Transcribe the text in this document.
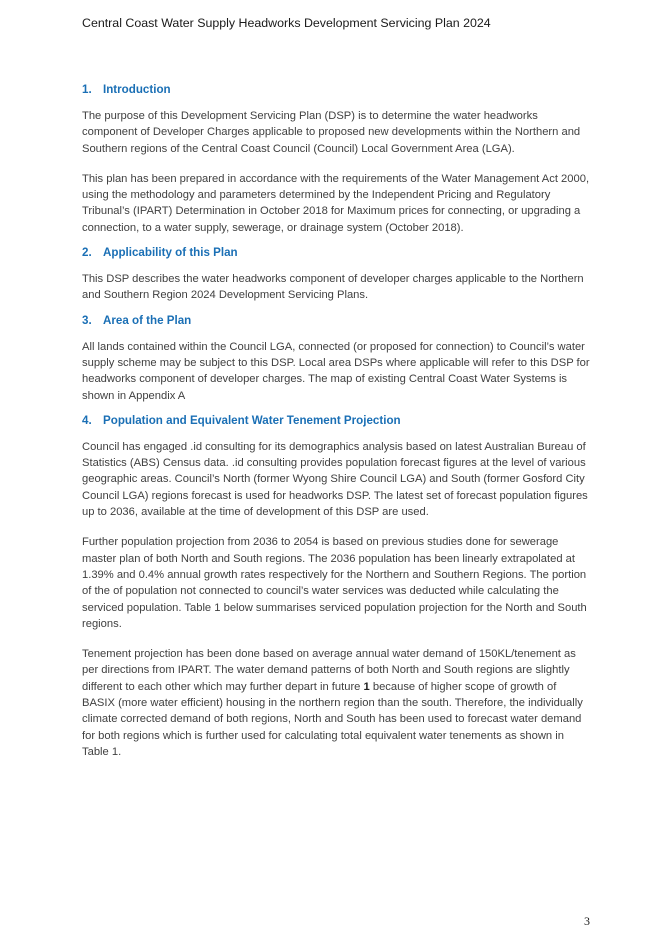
Central Coast Water Supply Headworks Development Servicing Plan 2024
1. Introduction

The purpose of this Development Servicing Plan (DSP) is to determine the water headworks component of Developer Charges applicable to proposed new developments within the Northern and Southern regions of the Central Coast Council (Council) Local Government Area (LGA).

This plan has been prepared in accordance with the requirements of the Water Management Act 2000, using the methodology and parameters determined by the Independent Pricing and Regulatory Tribunal’s (IPART) Determination in October 2018 for Maximum prices for connecting, or upgrading a connection, to a water supply, sewerage, or drainage system (October 2018).

2. Applicability of this Plan

This DSP describes the water headworks component of developer charges applicable to the Northern and Southern Region 2024 Development Servicing Plans.

3. Area of the Plan

All lands contained within the Council LGA, connected (or proposed for connection) to Council’s water supply scheme may be subject to this DSP. Local area DSPs where applicable will refer to this DSP for headworks component of developer charges. The map of existing Central Coast Water Systems is shown in Appendix A

4. Population and Equivalent Water Tenement Projection

Council has engaged .id consulting for its demographics analysis based on latest Australian Bureau of Statistics (ABS) Census data. .id consulting provides population forecast figures at the level of various geographic areas. Council’s North (former Wyong Shire Council LGA) and South (former Gosford City Council LGA) regions forecast is used for headworks DSP. The latest set of forecast population figures up to 2036, available at the time of development of this DSP are used.

Further population projection from 2036 to 2054 is based on previous studies done for sewerage master plan of both North and South regions. The 2036 population has been linearly extrapolated at 1.39% and 0.4% annual growth rates respectively for the Northern and Southern Regions. The portion of the of population not connected to council’s water services was deducted while calculating the serviced population. Table 1 below summarises serviced population projection for the North and South regions.

Tenement projection has been done based on average annual water demand of 150KL/tenement as per directions from IPART. The water demand patterns of both North and South regions are slightly different to each other which may further depart in future 1 because of higher scope of growth of BASIX (more water efficient) housing in the northern region than the south. Therefore, the individually climate corrected demand of both regions, North and South has been used to forecast water demand for both regions which is further used for calculating total equivalent water tenements as shown in Table 1.

3
